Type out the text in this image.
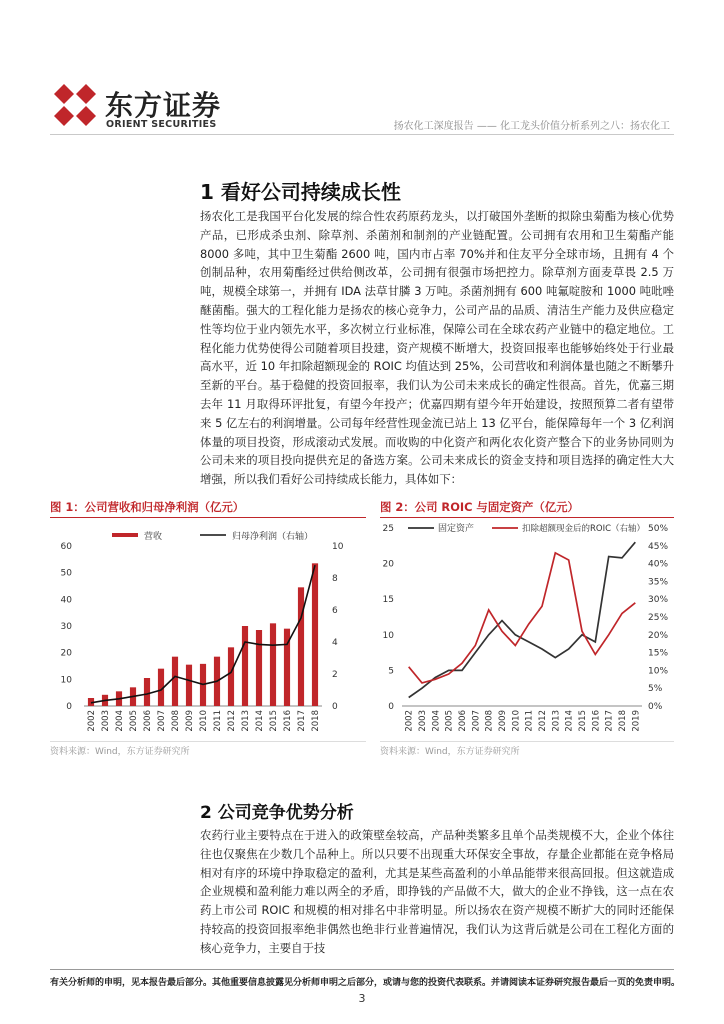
东方证券
ORIENT SECURITIES	扬农化工深度报告 —— 化工龙头价值分析系列之八：扬农化工
1 看好公司持续成长性
扬农化工是我国平台化发展的综合性农药原药龙头，以打破国外垄断的拟除虫菊酯为核心优势产品，已形成杀虫剂、除草剂、杀菌剂和制剂的产业链配置。公司拥有农用和卫生菊酯产能 8000 多吨，其中卫生菊酯 2600 吨，国内市占率 70%并和住友平分全球市场，且拥有 4 个创制品种，农用菊酯经过供给侧改革，公司拥有很强市场把控力。除草剂方面麦草畏 2.5 万吨，规模全球第一，并拥有 IDA 法草甘膦 3 万吨。杀菌剂拥有 600 吨氟啶胺和 1000 吨吡唑醚菌酯。强大的工程化能力是扬农的核心竞争力，公司产品的品质、清洁生产能力及供应稳定性等均位于业内领先水平，多次树立行业标准，保障公司在全球农药产业链中的稳定地位。工程化能力优势使得公司随着项目投建，资产规模不断增大，投资回报率也能够始终处于行业最高水平，近 10 年扣除超额现金的 ROIC 均值达到 25%，公司营收和利润体量也随之不断攀升至新的平台。基于稳健的投资回报率，我们认为公司未来成长的确定性很高。首先，优嘉三期去年 11 月取得环评批复，有望今年投产；优嘉四期有望今年开始建设，按照预算二者有望带来 5 亿左右的利润增量。公司每年经营性现金流已站上 13 亿平台，能保障每年一个 3 亿利润体量的项目投资，形成滚动式发展。而收购的中化资产和两化农化资产整合下的业务协同则为公司未来的项目投向提供充足的备选方案。公司未来成长的资金支持和项目选择的确定性大大增强，所以我们看好公司持续成长能力，具体如下：
图 1：公司营收和归母净利润（亿元）
0
10
20
30
40
50
60
0
2
4
6
8
10
2002 2003 2004 2005 2006 2007 2008 2009 2010 2011 2012 2013 2014 2015 2016 2017 2018
营收	归母净利润（右轴）
资料来源：Wind，东方证券研究所
图 2：公司 ROIC 与固定资产（亿元）
0
5
10
15
20
25
0%
5%
10%
15%
20%
25%
30%
35%
40%
45%
50%
2002 2003 2004 2005 2006 2007 2008 2009 2010 2011 2012 2013 2014 2015 2016 2017 2018 2019
固定资产	扣除超额现金后的ROIC（右轴）
资料来源：Wind，东方证券研究所
2 公司竞争优势分析
农药行业主要特点在于进入的政策壁垒较高，产品种类繁多且单个品类规模不大，企业个体往往也仅聚焦在少数几个品种上。所以只要不出现重大环保安全事故，存量企业都能在竞争格局相对有序的环境中挣取稳定的盈利，尤其是某些高盈利的小单品能带来很高回报。但这就造成企业规模和盈利能力难以两全的矛盾，即挣钱的产品做不大，做大的企业不挣钱，这一点在农药上市公司 ROIC 和规模的相对排名中非常明显。所以扬农在资产规模不断扩大的同时还能保持较高的投资回报率绝非偶然也绝非行业普遍情况，我们认为这背后就是公司在工程化方面的核心竞争力，主要自于技
有关分析师的申明，见本报告最后部分。其他重要信息披露见分析师申明之后部分，或请与您的投资代表联系。并请阅读本证券研究报告最后一页的免责申明。
3
